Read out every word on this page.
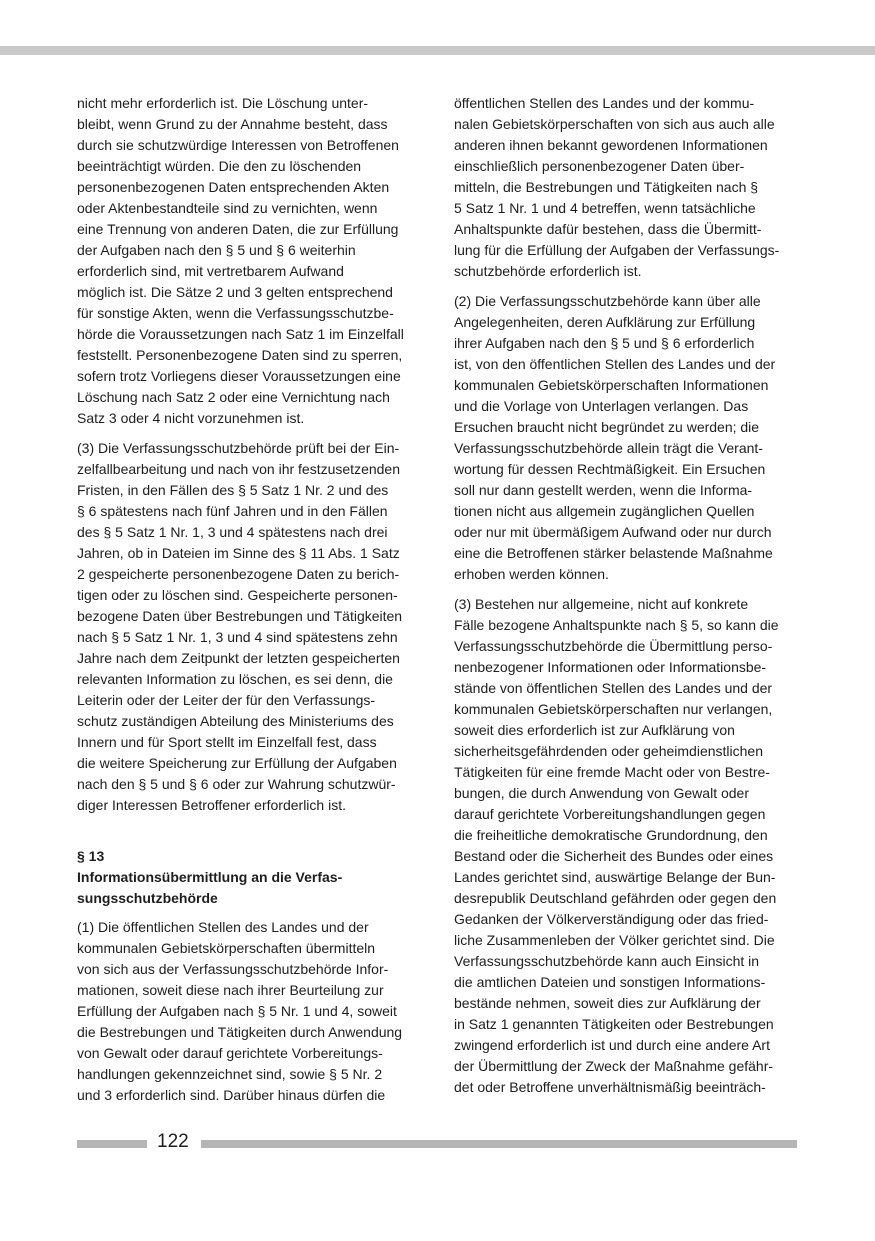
nicht mehr erforderlich ist. Die Löschung unter-
bleibt, wenn Grund zu der Annahme besteht, dass
durch sie schutzwürdige Interessen von Betroffenen
beeinträchtigt würden. Die den zu löschenden
personenbezogenen Daten entsprechenden Akten
oder Aktenbestandteile sind zu vernichten, wenn
eine Trennung von anderen Daten, die zur Erfüllung
der Aufgaben nach den § 5 und § 6 weiterhin
erforderlich sind, mit vertretbarem Aufwand
möglich ist. Die Sätze 2 und 3 gelten entsprechend
für sonstige Akten, wenn die Verfassungsschutzbe-
hörde die Voraussetzungen nach Satz 1 im Einzelfall
feststellt. Personenbezogene Daten sind zu sperren,
sofern trotz Vorliegens dieser Voraussetzungen eine
Löschung nach Satz 2 oder eine Vernichtung nach
Satz 3 oder 4 nicht vorzunehmen ist.

(3) Die Verfassungsschutzbehörde prüft bei der Ein-
zelfallbearbeitung und nach von ihr festzusetzenden
Fristen, in den Fällen des § 5 Satz 1 Nr. 2 und des
§ 6 spätestens nach fünf Jahren und in den Fällen
des § 5 Satz 1 Nr. 1, 3 und 4 spätestens nach drei
Jahren, ob in Dateien im Sinne des § 11 Abs. 1 Satz
2 gespeicherte personenbezogene Daten zu berich-
tigen oder zu löschen sind. Gespeicherte personen-
bezogene Daten über Bestrebungen und Tätigkeiten
nach § 5 Satz 1 Nr. 1, 3 und 4 sind spätestens zehn
Jahre nach dem Zeitpunkt der letzten gespeicherten
relevanten Information zu löschen, es sei denn, die
Leiterin oder der Leiter der für den Verfassungs-
schutz zuständigen Abteilung des Ministeriums des
Innern und für Sport stellt im Einzelfall fest, dass
die weitere Speicherung zur Erfüllung der Aufgaben
nach den § 5 und § 6 oder zur Wahrung schutzwür-
diger Interessen Betroffener erforderlich ist.

§ 13
Informationsübermittlung an die Verfas-
sungsschutzbehörde

(1) Die öffentlichen Stellen des Landes und der
kommunalen Gebietskörperschaften übermitteln
von sich aus der Verfassungsschutzbehörde Infor-
mationen, soweit diese nach ihrer Beurteilung zur
Erfüllung der Aufgaben nach § 5 Nr. 1 und 4, soweit
die Bestrebungen und Tätigkeiten durch Anwendung
von Gewalt oder darauf gerichtete Vorbereitungs-
handlungen gekennzeichnet sind, sowie § 5 Nr. 2
und 3 erforderlich sind. Darüber hinaus dürfen die

öffentlichen Stellen des Landes und der kommu-
nalen Gebietskörperschaften von sich aus auch alle
anderen ihnen bekannt gewordenen Informationen
einschließlich personenbezogener Daten über-
mitteln, die Bestrebungen und Tätigkeiten nach §
5 Satz 1 Nr. 1 und 4 betreffen, wenn tatsächliche
Anhaltspunkte dafür bestehen, dass die Übermitt-
lung für die Erfüllung der Aufgaben der Verfassungs-
schutzbehörde erforderlich ist.

(2) Die Verfassungsschutzbehörde kann über alle
Angelegenheiten, deren Aufklärung zur Erfüllung
ihrer Aufgaben nach den § 5 und § 6 erforderlich
ist, von den öffentlichen Stellen des Landes und der
kommunalen Gebietskörperschaften Informationen
und die Vorlage von Unterlagen verlangen. Das
Ersuchen braucht nicht begründet zu werden; die
Verfassungsschutzbehörde allein trägt die Verant-
wortung für dessen Rechtmäßigkeit. Ein Ersuchen
soll nur dann gestellt werden, wenn die Informa-
tionen nicht aus allgemein zugänglichen Quellen
oder nur mit übermäßigem Aufwand oder nur durch
eine die Betroffenen stärker belastende Maßnahme
erhoben werden können.

(3) Bestehen nur allgemeine, nicht auf konkrete
Fälle bezogene Anhaltspunkte nach § 5, so kann die
Verfassungsschutzbehörde die Übermittlung perso-
nenbezogener Informationen oder Informationsbe-
stände von öffentlichen Stellen des Landes und der
kommunalen Gebietskörperschaften nur verlangen,
soweit dies erforderlich ist zur Aufklärung von
sicherheitsgefährdenden oder geheimdienstlichen
Tätigkeiten für eine fremde Macht oder von Bestre-
bungen, die durch Anwendung von Gewalt oder
darauf gerichtete Vorbereitungshandlungen gegen
die freiheitliche demokratische Grundordnung, den
Bestand oder die Sicherheit des Bundes oder eines
Landes gerichtet sind, auswärtige Belange der Bun-
desrepublik Deutschland gefährden oder gegen den
Gedanken der Völkerverständigung oder das fried-
liche Zusammenleben der Völker gerichtet sind. Die
Verfassungsschutzbehörde kann auch Einsicht in
die amtlichen Dateien und sonstigen Informations-
bestände nehmen, soweit dies zur Aufklärung der
in Satz 1 genannten Tätigkeiten oder Bestrebungen
zwingend erforderlich ist und durch eine andere Art
der Übermittlung der Zweck der Maßnahme gefähr-
det oder Betroffene unverhältnismäßig beeinträch-

122
